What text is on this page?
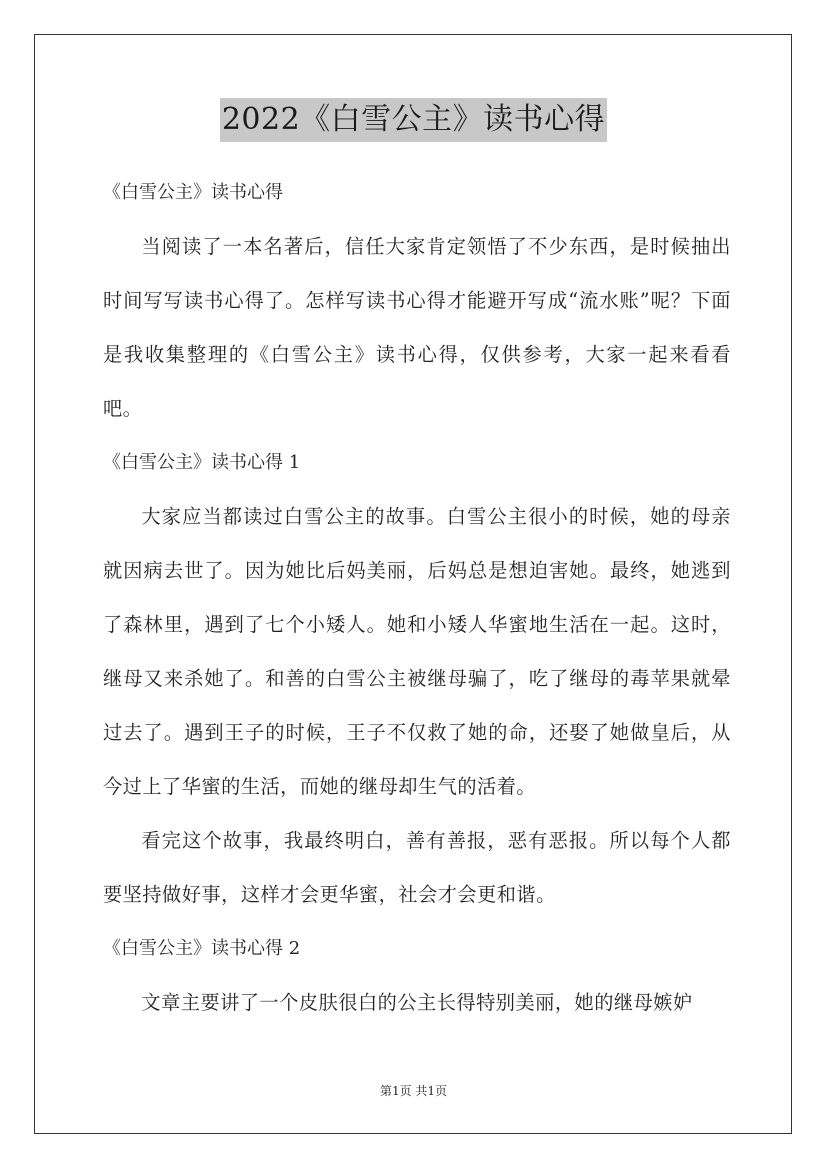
2022《白雪公主》读书心得
《白雪公主》读书心得

当阅读了一本名著后，信任大家肯定领悟了不少东西，是时候抽出时间写写读书心得了。怎样写读书心得才能避开写成“流水账”呢？下面是我收集整理的《白雪公主》读书心得，仅供参考，大家一起来看看吧。

《白雪公主》读书心得 1

大家应当都读过白雪公主的故事。白雪公主很小的时候，她的母亲就因病去世了。因为她比后妈美丽，后妈总是想迫害她。最终，她逃到了森林里，遇到了七个小矮人。她和小矮人华蜜地生活在一起。这时，继母又来杀她了。和善的白雪公主被继母骗了，吃了继母的毒苹果就晕过去了。遇到王子的时候，王子不仅救了她的命，还娶了她做皇后，从今过上了华蜜的生活，而她的继母却生气的活着。

看完这个故事，我最终明白，善有善报，恶有恶报。所以每个人都要坚持做好事，这样才会更华蜜，社会才会更和谐。

《白雪公主》读书心得 2

文章主要讲了一个皮肤很白的公主长得特别美丽，她的继母嫉妒

第1页 共1页
